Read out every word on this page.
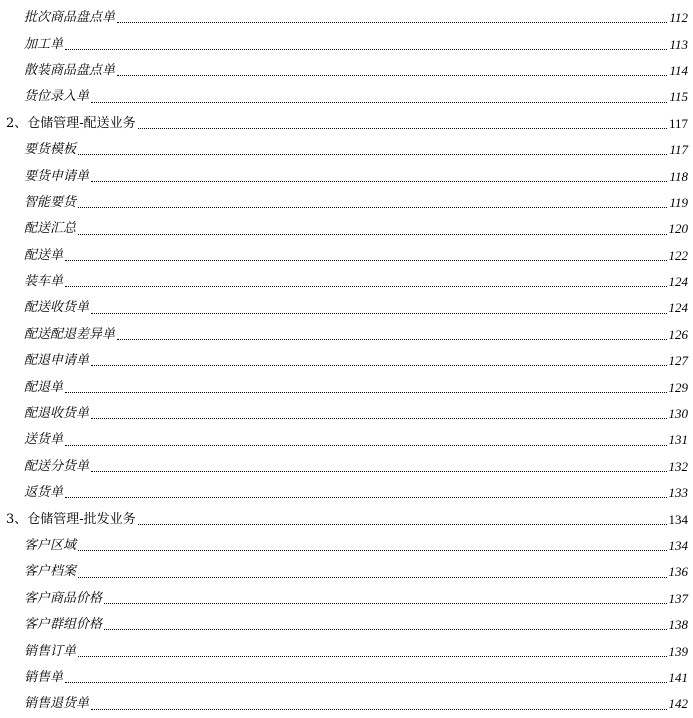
批次商品盘点单	112
加工单	113
散装商品盘点单	114
货位录入单	115
2、仓储管理-配送业务	117
要货模板	117
要货申请单	118
智能要货	119
配送汇总	120
配送单	122
装车单	124
配送收货单	124
配送配退差异单	126
配退申请单	127
配退单	129
配退收货单	130
送货单	131
配送分货单	132
返货单	133
3、仓储管理-批发业务	134
客户区域	134
客户档案	136
客户商品价格	137
客户群组价格	138
销售订单	139
销售单	141
销售退货单	142
